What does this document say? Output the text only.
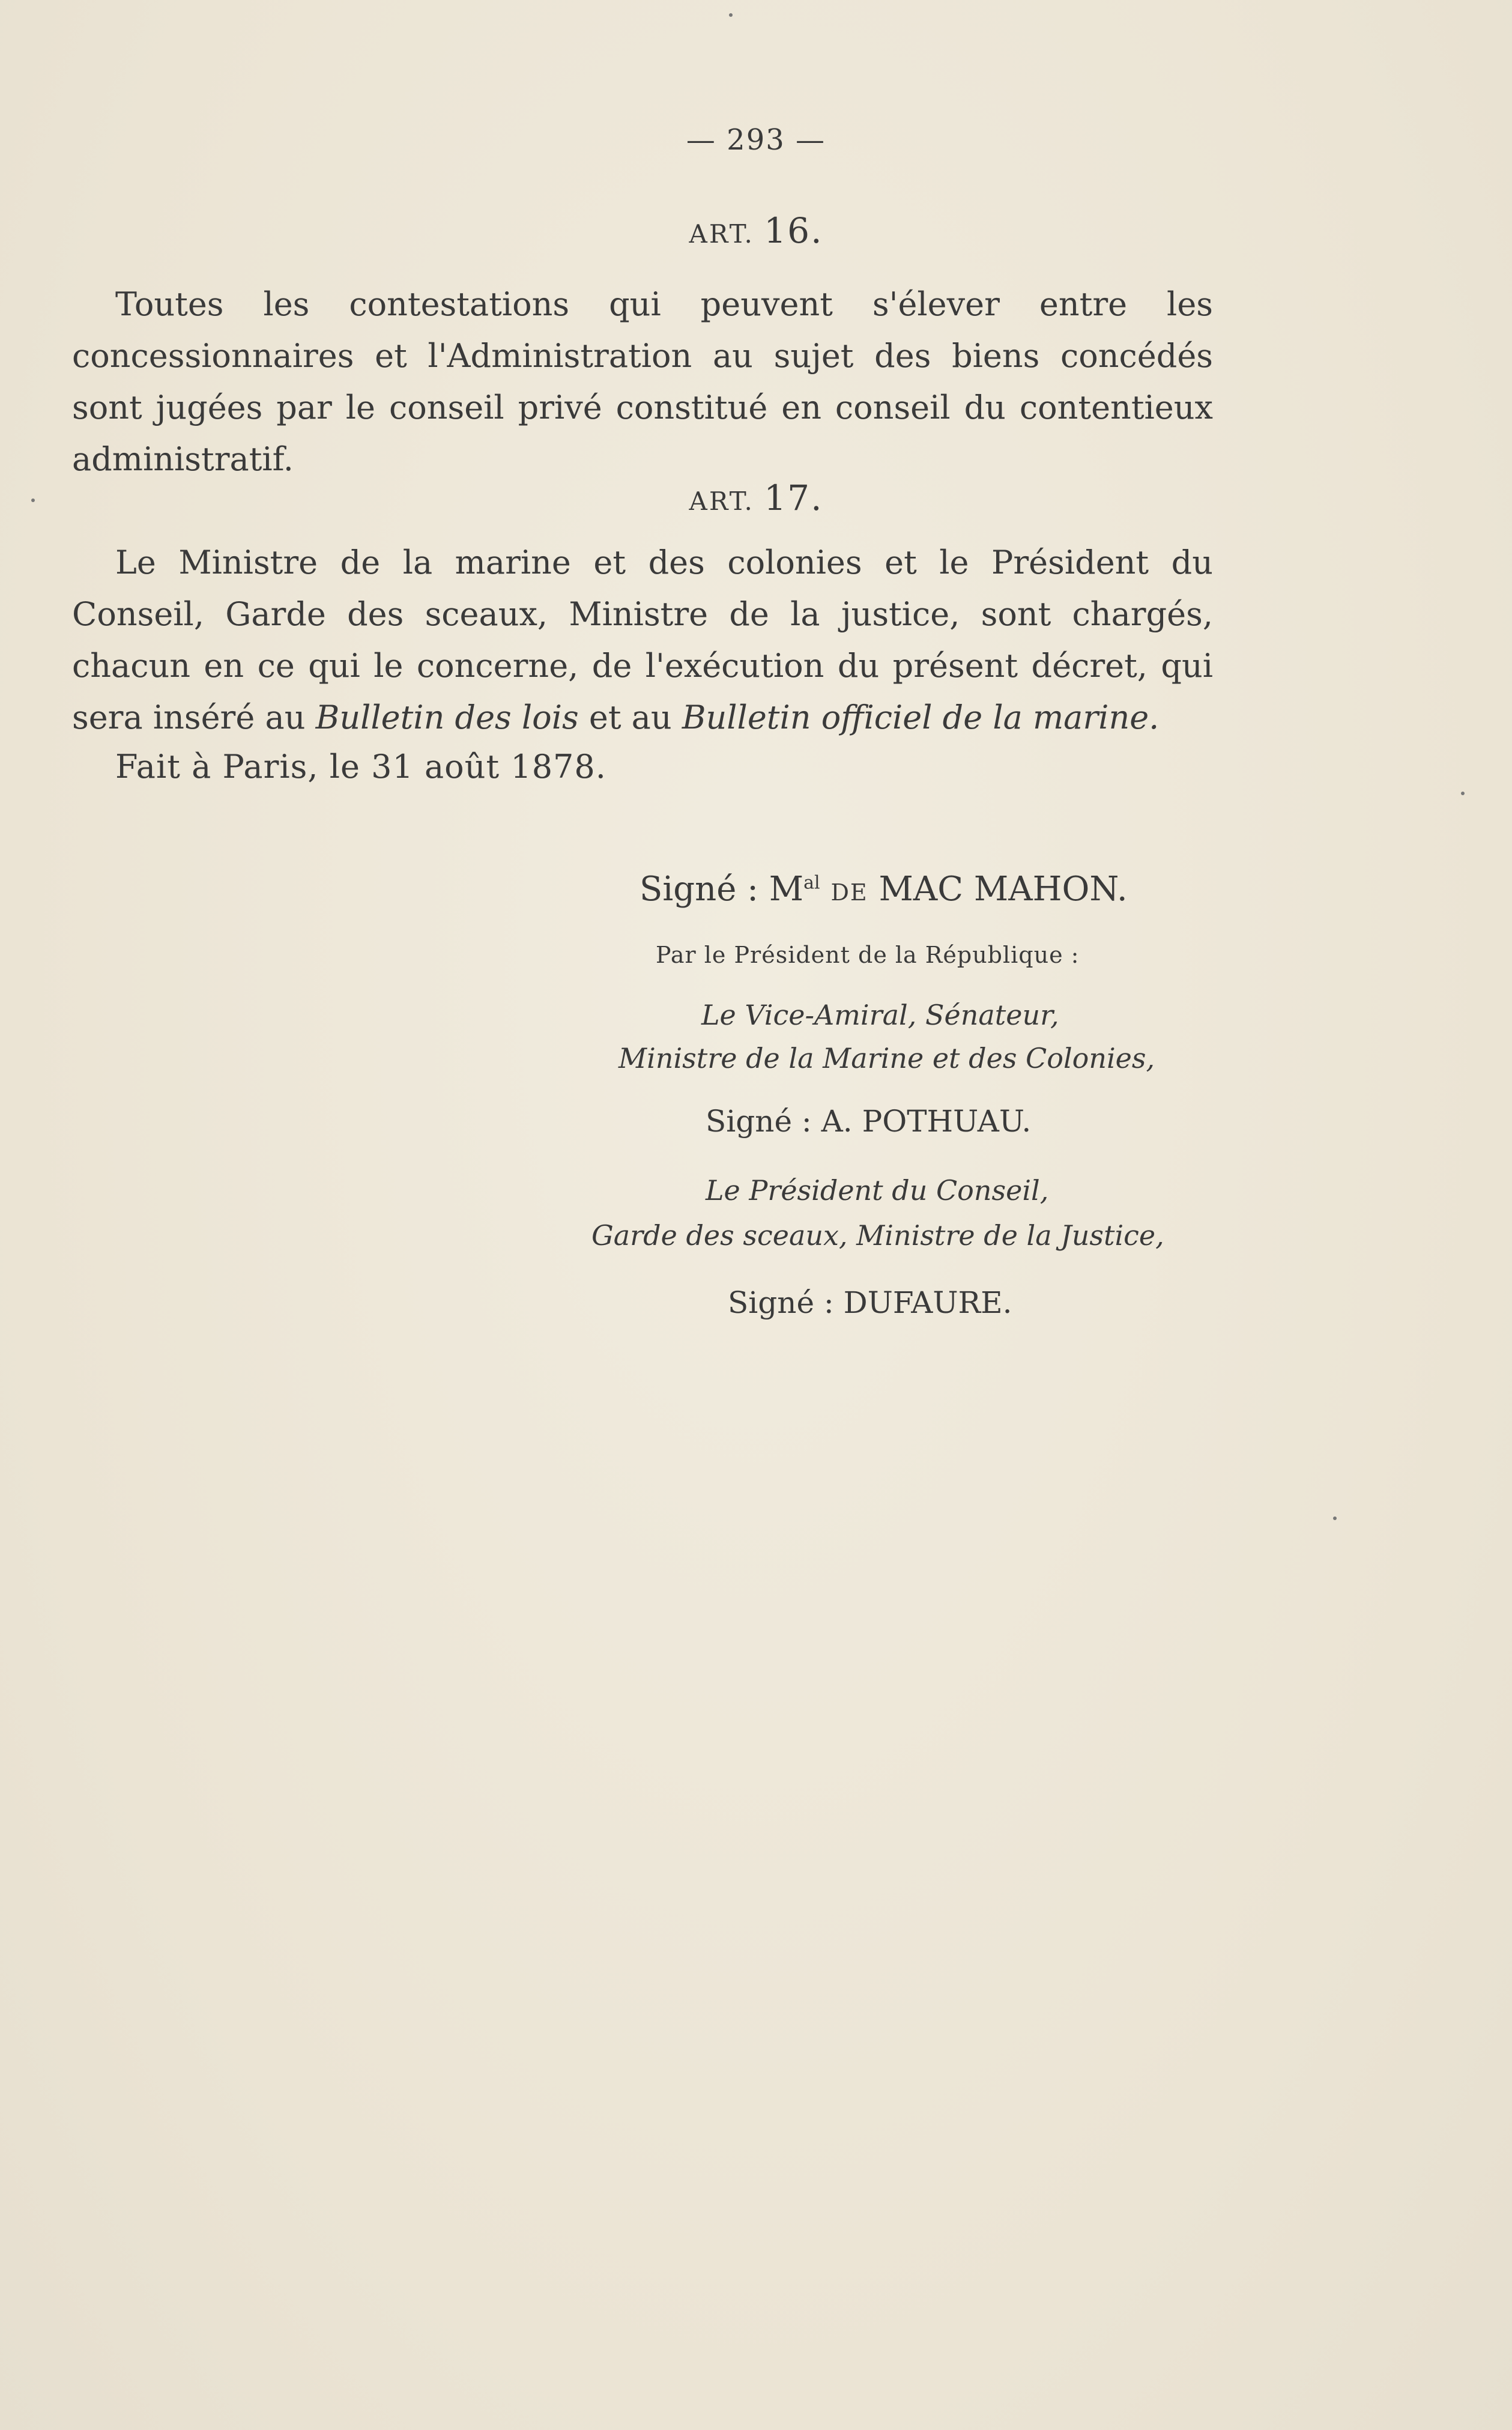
— 293 —
ART. 16.

Toutes les contestations qui peuvent s'élever entre les concessionnaires et l'Administration au sujet des biens concédés sont jugées par le conseil privé constitué en conseil du contentieux administratif.

ART. 17.

Le Ministre de la marine et des colonies et le Président du Conseil, Garde des sceaux, Ministre de la justice, sont chargés, chacun en ce qui le concerne, de l'exécution du présent décret, qui sera inséré au Bulletin des lois et au Bulletin officiel de la marine.

Fait à Paris, le 31 août 1878.

Signé : $M^{al}$ DE MAC MAHON.
Par le Président de la République :
Le Vice-Amiral, Sénateur,
Ministre de la Marine et des Colonies,
Signé : A. POTHUAU.
Le Président du Conseil,
Garde des sceaux, Ministre de la Justice,
Signé : DUFAURE.
